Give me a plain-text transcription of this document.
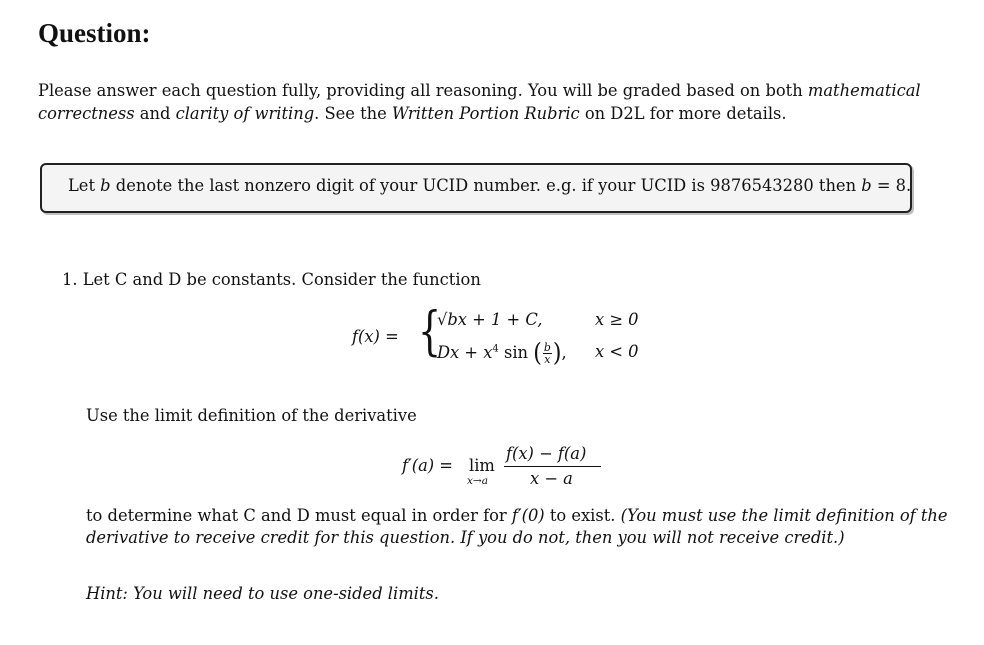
Question:
Please answer each question fully, providing all reasoning. You will be graded based on both mathematical
correctness and clarity of writing. See the Written Portion Rubric on D2L for more details.
Let b denote the last nonzero digit of your UCID number. e.g. if your UCID is 9876543280 then b = 8.
1. Let C and D be constants. Consider the function
f(x) = {
√bx + 1 + C,	x ≥ 0
$Dx + x^4$ sin ( $\frac{b}{x}$ ), x < 0
Use the limit definition of the derivative
f′(a) = lim
x→a
f(x) − f(a)
x − a
to determine what C and D must equal in order for f′(0) to exist. (You must use the limit definition of the
derivative to receive credit for this question. If you do not, then you will not receive credit.)
Hint: You will need to use one-sided limits.
